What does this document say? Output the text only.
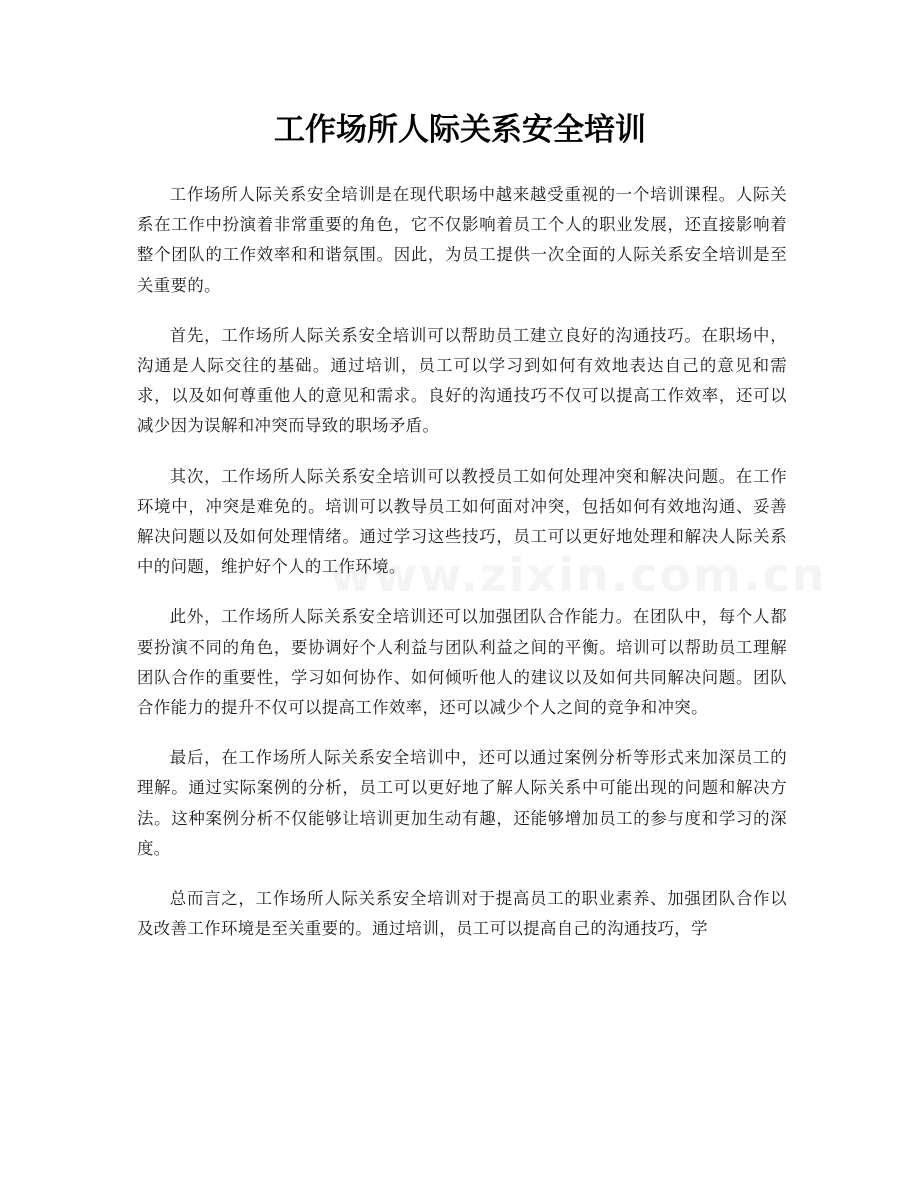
工作场所人际关系安全培训
www.zixin.com.cn

工作场所人际关系安全培训是在现代职场中越来越受重视的一个培训课程。人际关系在工作中扮演着非常重要的角色，它不仅影响着员工个人的职业发展，还直接影响着整个团队的工作效率和和谐氛围。因此，为员工提供一次全面的人际关系安全培训是至关重要的。

首先，工作场所人际关系安全培训可以帮助员工建立良好的沟通技巧。在职场中，沟通是人际交往的基础。通过培训，员工可以学习到如何有效地表达自己的意见和需求，以及如何尊重他人的意见和需求。良好的沟通技巧不仅可以提高工作效率，还可以减少因为误解和冲突而导致的职场矛盾。

其次，工作场所人际关系安全培训可以教授员工如何处理冲突和解决问题。在工作环境中，冲突是难免的。培训可以教导员工如何面对冲突，包括如何有效地沟通、妥善解决问题以及如何处理情绪。通过学习这些技巧，员工可以更好地处理和解决人际关系中的问题，维护好个人的工作环境。

此外，工作场所人际关系安全培训还可以加强团队合作能力。在团队中，每个人都要扮演不同的角色，要协调好个人利益与团队利益之间的平衡。培训可以帮助员工理解团队合作的重要性，学习如何协作、如何倾听他人的建议以及如何共同解决问题。团队合作能力的提升不仅可以提高工作效率，还可以减少个人之间的竞争和冲突。

最后，在工作场所人际关系安全培训中，还可以通过案例分析等形式来加深员工的理解。通过实际案例的分析，员工可以更好地了解人际关系中可能出现的问题和解决方法。这种案例分析不仅能够让培训更加生动有趣，还能够增加员工的参与度和学习的深度。

总而言之，工作场所人际关系安全培训对于提高员工的职业素养、加强团队合作以及改善工作环境是至关重要的。通过培训，员工可以提高自己的沟通技巧，学
